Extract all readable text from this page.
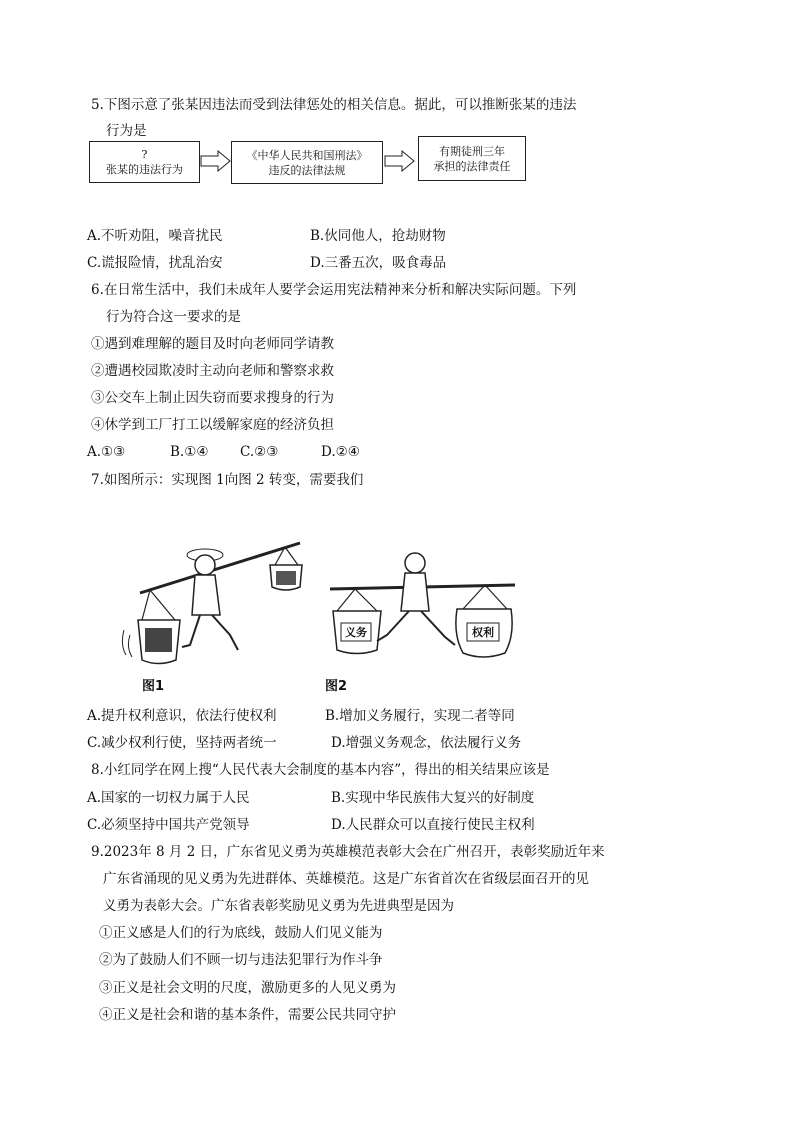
5.下图示意了张某因违法而受到法律惩处的相关信息。据此，可以推断张某的违法
行为是
?
张某的违法行为
《中华人民共和国刑法》
违反的法律法规
有期徒刑三年
承担的法律责任
A.不听劝阻，噪音扰民	B.伙同他人，抢劫财物
C.谎报险情，扰乱治安	D.三番五次，吸食毒品
6.在日常生活中，我们未成年人要学会运用宪法精神来分析和解决实际问题。下列
行为符合这一要求的是
①遇到难理解的题目及时向老师同学请教
②遭遇校园欺凌时主动向老师和警察求救
③公交车上制止因失窃而要求搜身的行为
④休学到工厂打工以缓解家庭的经济负担
A.①③	B.①④ C.②③	D.②④
7.如图所示：实现图 1向图 2 转变，需要我们
图1
义务	权利
图2
A.提升权利意识，依法行使权利	B.增加义务履行，实现二者等同
C.减少权利行使，坚持两者统一	D.增强义务观念，依法履行义务
8.小红同学在网上搜“人民代表大会制度的基本内容”，得出的相关结果应该是
A.国家的一切权力属于人民	B.实现中华民族伟大复兴的好制度
C.必须坚持中国共产党领导	D.人民群众可以直接行使民主权利
9.2023年 8 月 2 日，广东省见义勇为英雄模范表彰大会在广州召开，表彰奖励近年来
广东省涌现的见义勇为先进群体、英雄模范。这是广东省首次在省级层面召开的见
义勇为表彰大会。广东省表彰奖励见义勇为先进典型是因为
①正义感是人们的行为底线，鼓励人们见义能为
②为了鼓励人们不顾一切与违法犯罪行为作斗争
③正义是社会文明的尺度，激励更多的人见义勇为
④正义是社会和谐的基本条件，需要公民共同守护
